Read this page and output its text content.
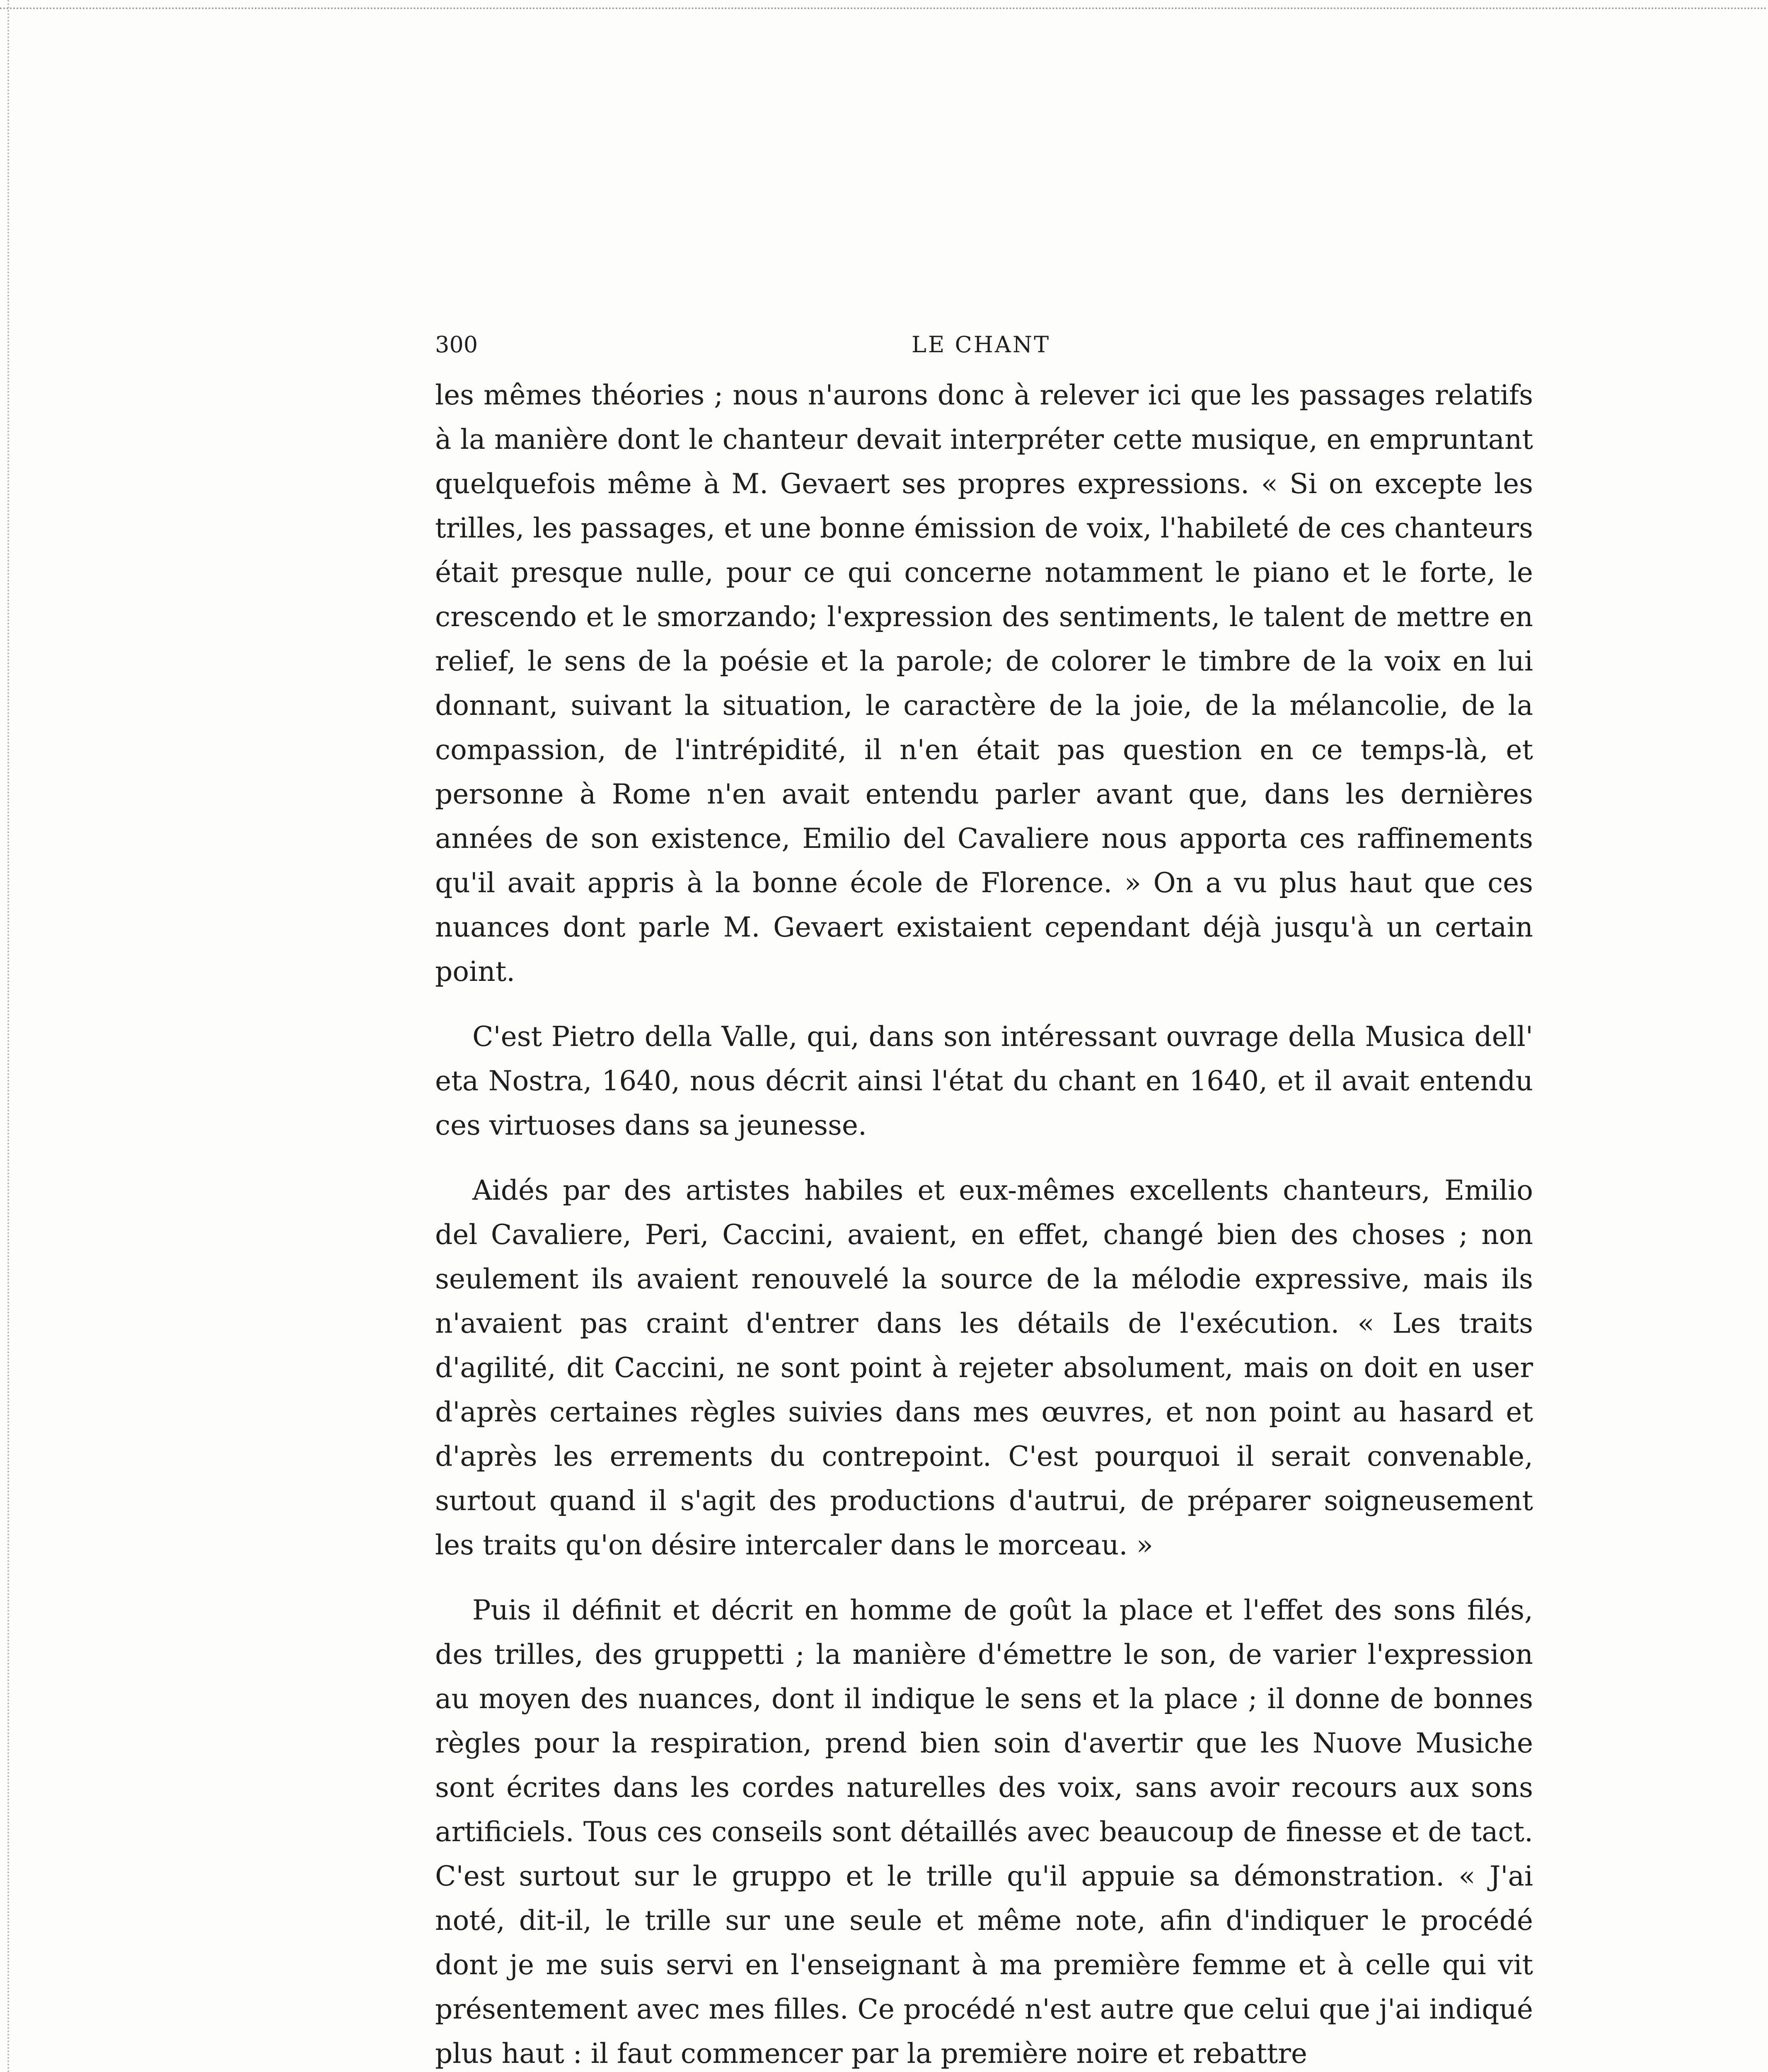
300	LE CHANT

les mêmes théories ; nous n'aurons donc à relever ici que les passages relatifs à la manière dont le chanteur devait interpréter cette musique, en empruntant quelquefois même à M. Gevaert ses propres expressions. « Si on excepte les trilles, les passages, et une bonne émission de voix, l'habileté de ces chanteurs était presque nulle, pour ce qui concerne notamment le piano et le forte, le crescendo et le smorzando; l'expression des sentiments, le talent de mettre en relief, le sens de la poésie et la parole; de colorer le timbre de la voix en lui donnant, suivant la situation, le caractère de la joie, de la mélancolie, de la compassion, de l'intrépidité, il n'en était pas question en ce temps-là, et personne à Rome n'en avait entendu parler avant que, dans les dernières années de son existence, Emilio del Cavaliere nous apporta ces raffinements qu'il avait appris à la bonne école de Florence. » On a vu plus haut que ces nuances dont parle M. Gevaert existaient cependant déjà jusqu'à un certain point.

C'est Pietro della Valle, qui, dans son intéressant ouvrage della Musica dell' eta Nostra, 1640, nous décrit ainsi l'état du chant en 1640, et il avait entendu ces virtuoses dans sa jeunesse.

Aidés par des artistes habiles et eux-mêmes excellents chanteurs, Emilio del Cavaliere, Peri, Caccini, avaient, en effet, changé bien des choses ; non seulement ils avaient renouvelé la source de la mélodie expressive, mais ils n'avaient pas craint d'entrer dans les détails de l'exécution. « Les traits d'agilité, dit Caccini, ne sont point à rejeter absolument, mais on doit en user d'après certaines règles suivies dans mes œuvres, et non point au hasard et d'après les errements du contrepoint. C'est pourquoi il serait convenable, surtout quand il s'agit des productions d'autrui, de préparer soigneusement les traits qu'on désire intercaler dans le morceau. »

Puis il définit et décrit en homme de goût la place et l'effet des sons filés, des trilles, des gruppetti ; la manière d'émettre le son, de varier l'expression au moyen des nuances, dont il indique le sens et la place ; il donne de bonnes règles pour la respiration, prend bien soin d'avertir que les Nuove Musiche sont écrites dans les cordes naturelles des voix, sans avoir recours aux sons artificiels. Tous ces conseils sont détaillés avec beaucoup de finesse et de tact. C'est surtout sur le gruppo et le trille qu'il appuie sa démonstration. « J'ai noté, dit-il, le trille sur une seule et même note, afin d'indiquer le procédé dont je me suis servi en l'enseignant à ma première femme et à celle qui vit présentement avec mes filles. Ce procédé n'est autre que celui que j'ai indiqué plus haut : il faut commencer par la première noire et rebattre
